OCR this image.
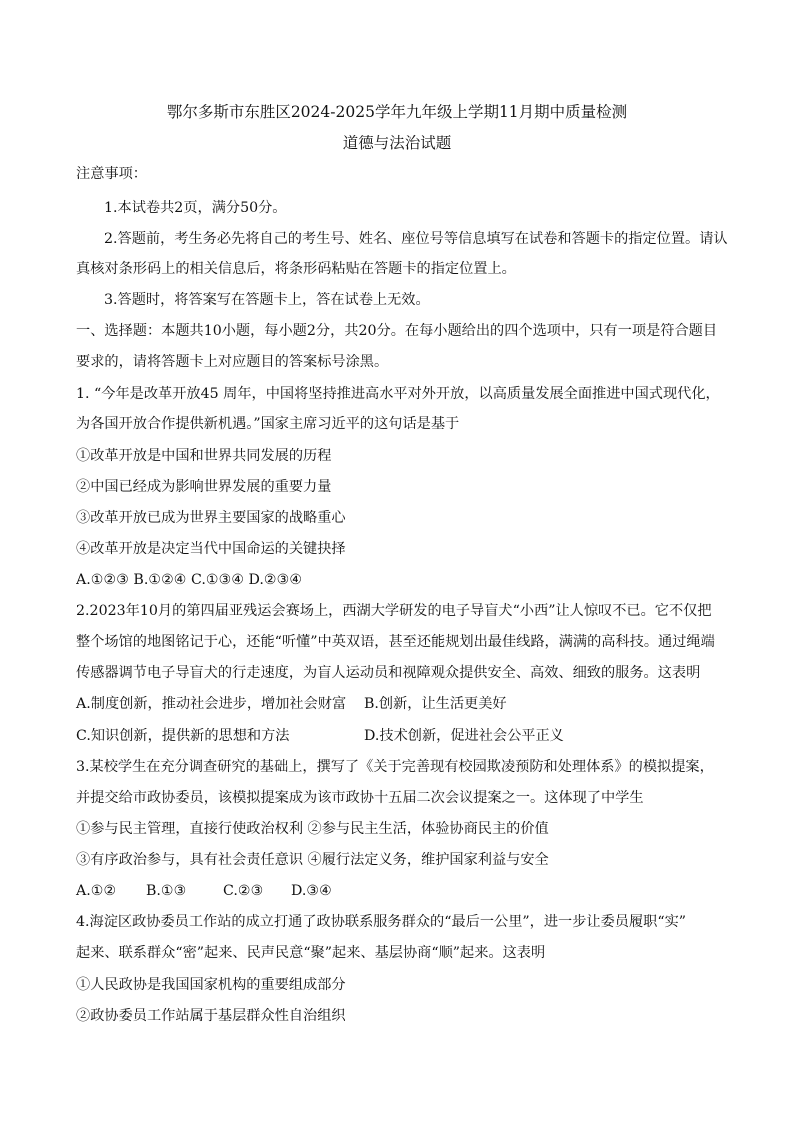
鄂尔多斯市东胜区2024-2025学年九年级上学期11月期中质量检测
道德与法治试题
注意事项：
1.本试卷共2页，满分50分。
2.答题前，考生务必先将自己的考生号、姓名、座位号等信息填写在试卷和答题卡的指定位置。请认
真核对条形码上的相关信息后，将条形码粘贴在答题卡的指定位置上。
3.答题时，将答案写在答题卡上，答在试卷上无效。
一、选择题：本题共10小题，每小题2分，共20分。在每小题给出的四个选项中，只有一项是符合题目
要求的，请将答题卡上对应题目的答案标号涂黑。
1. “今年是改革开放45 周年，中国将坚持推进高水平对外开放，以高质量发展全面推进中国式现代化，
为各国开放合作提供新机遇。”国家主席习近平的这句话是基于
①改革开放是中国和世界共同发展的历程
②中国已经成为影响世界发展的重要力量
③改革开放已成为世界主要国家的战略重心
④改革开放是决定当代中国命运的关键抉择
A.①②③ B.①②④ C.①③④ D.②③④
2.2023年10月的第四届亚残运会赛场上，西湖大学研发的电子导盲犬“小西”让人惊叹不已。它不仅把
整个场馆的地图铭记于心，还能“听懂”中英双语，甚至还能规划出最佳线路，满满的高科技。通过绳端
传感器调节电子导盲犬的行走速度，为盲人运动员和视障观众提供安全、高效、细致的服务。这表明
A.制度创新，推动社会进步，增加社会财富 B.创新，让生活更美好
C.知识创新，提供新的思想和方法	D.技术创新，促进社会公平正义
3.某校学生在充分调查研究的基础上，撰写了《关于完善现有校园欺凌预防和处理体系》的模拟提案，
并提交给市政协委员，该模拟提案成为该市政协十五届二次会议提案之一。这体现了中学生
①参与民主管理，直接行使政治权利 ②参与民主生活，体验协商民主的价值
③有序政治参与，具有社会责任意识 ④履行法定义务，维护国家利益与安全
A.①② B.①③	C.②③ D.③④
4.海淀区政协委员工作站的成立打通了政协联系服务群众的“最后一公里”，进一步让委员履职“实”
起来、联系群众“密”起来、民声民意“聚”起来、基层协商“顺”起来。这表明
①人民政协是我国国家机构的重要组成部分
②政协委员工作站属于基层群众性自治组织
